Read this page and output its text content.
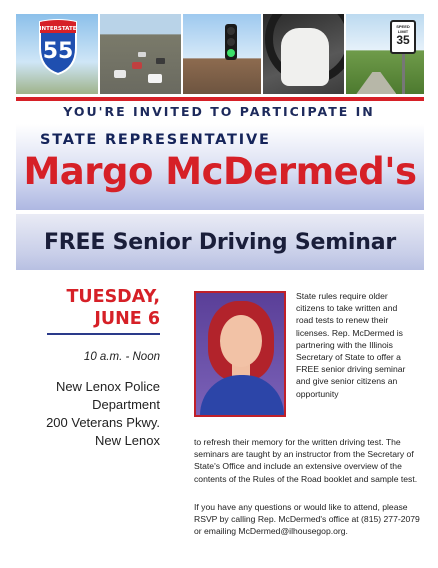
INTERSTATE
55
SPEED
LIMIT
35
YOU'RE INVITED TO PARTICIPATE IN
STATE REPRESENTATIVE
Margo McDermed's
FREE Senior Driving Seminar
TUESDAY,
JUNE 6
10 a.m. - Noon
New Lenox Police
Department
200 Veterans Pkwy.
New Lenox

State rules require older citizens to take written and road tests to renew their licenses. Rep. McDermed is partnering with the Illinois Secretary of State to offer a FREE senior driving seminar and give senior citizens an opportunity

to refresh their memory for the written driving test. The seminars are taught by an instructor from the Secretary of State's Office and include an extensive overview of the contents of the Rules of the Road booklet and sample test.

If you have any questions or would like to attend, please RSVP by calling Rep. McDermed's office at (815) 277-2079 or emailing McDermed@ilhousegop.org.
